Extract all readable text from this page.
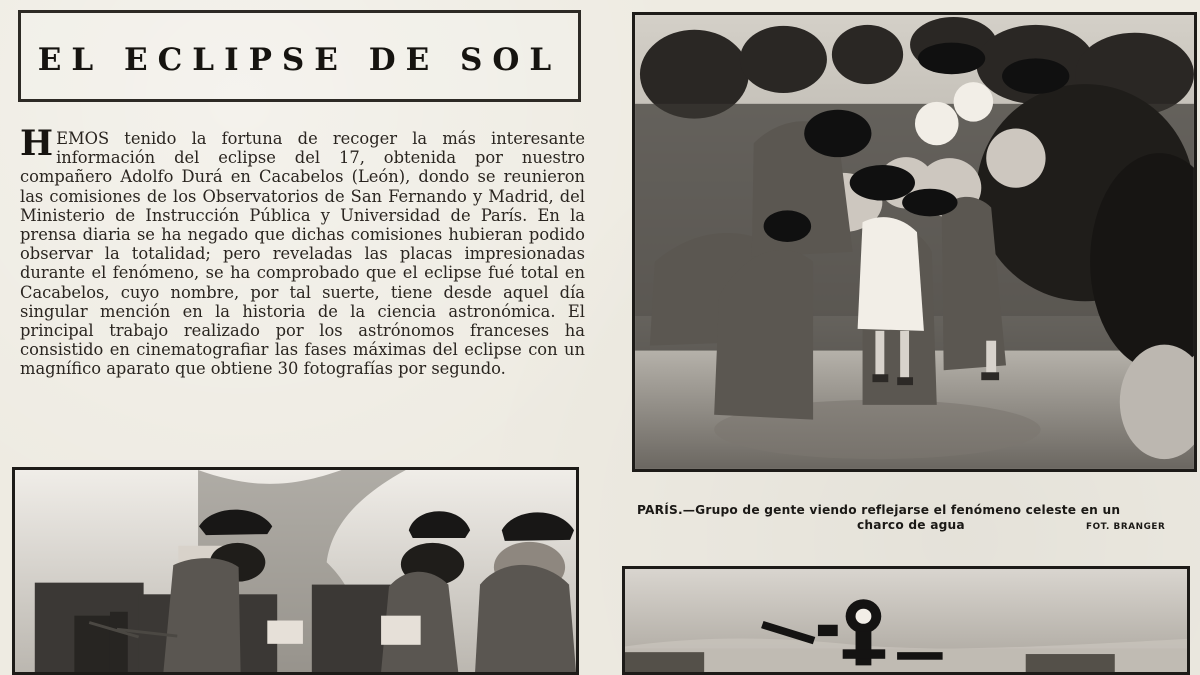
EL ECLIPSE DE SOL

HEMOS tenido la fortuna de recoger la más interesante información del eclipse del 17, obtenida por nuestro compañero Adolfo Durá en Cacabelos (León), dondo se reunieron las comisiones de los Observatorios de San Fernando y Madrid, del Ministerio de Instrucción Pública y Universidad de París. En la prensa diaria se ha negado que dichas comisiones hubieran podido observar la totalidad; pero reveladas las placas impresionadas durante el fenómeno, se ha comprobado que el eclipse fué total en Cacabelos, cuyo nombre, por tal suerte, tiene desde aquel día singular mención en la historia de la ciencia astronómica. El principal trabajo realizado por los astrónomos franceses ha consistido en cinematografiar las fases máximas del eclipse con un magnífico aparato que obtiene 30 fotografías por segundo.

PARÍS.—Grupo de gente viendo reflejarse el fenómeno celeste en un
charco de agua	FOT. BRANGER
